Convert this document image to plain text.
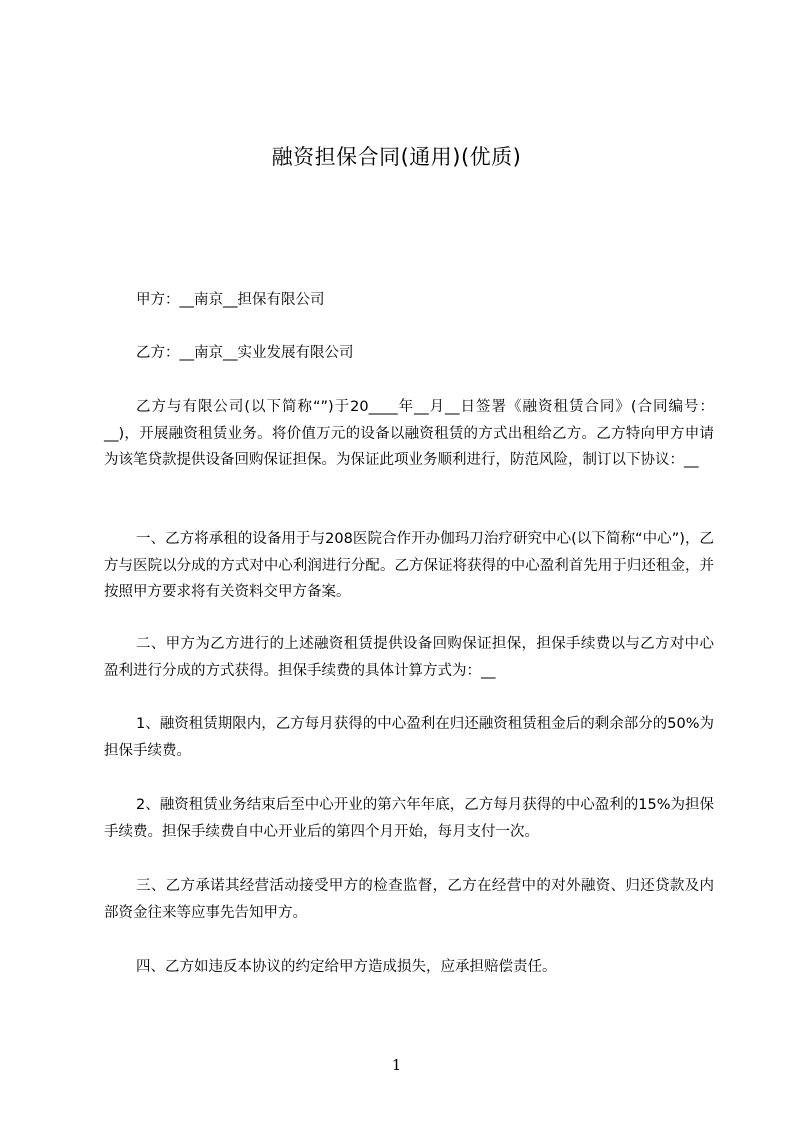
融资担保合同(通用)(优质)
甲方：__南京__担保有限公司
乙方：__南京__实业发展有限公司
乙方与有限公司(以下简称“”)于20____年__月__日签署《融资租赁合同》(合同编号：__)，开展融资租赁业务。将价值万元的设备以融资租赁的方式出租给乙方。乙方特向甲方申请为该笔贷款提供设备回购保证担保。为保证此项业务顺利进行，防范风险，制订以下协议：__
一、乙方将承租的设备用于与208医院合作开办伽玛刀治疗研究中心(以下简称“中心”)，乙方与医院以分成的方式对中心利润进行分配。乙方保证将获得的中心盈利首先用于归还租金，并按照甲方要求将有关资料交甲方备案。
二、甲方为乙方进行的上述融资租赁提供设备回购保证担保，担保手续费以与乙方对中心盈利进行分成的方式获得。担保手续费的具体计算方式为：__
1、融资租赁期限内，乙方每月获得的中心盈利在归还融资租赁租金后的剩余部分的50%为担保手续费。
2、融资租赁业务结束后至中心开业的第六年年底，乙方每月获得的中心盈利的15%为担保手续费。担保手续费自中心开业后的第四个月开始，每月支付一次。
三、乙方承诺其经营活动接受甲方的检查监督，乙方在经营中的对外融资、归还贷款及内部资金往来等应事先告知甲方。
四、乙方如违反本协议的约定给甲方造成损失，应承担赔偿责任。
1
